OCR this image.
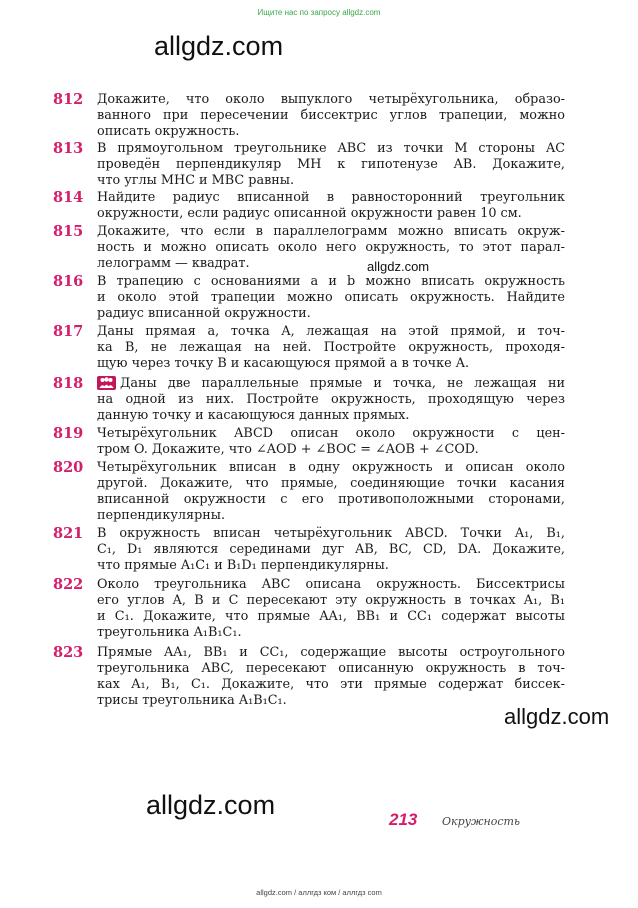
Ищите нас по запросу allgdz.com
allgdz.com
allgdz.com
allgdz.com
allgdz.com
812 Докажите, что около выпуклого четырёхугольника, образо-
ванного при пересечении биссектрис углов трапеции, можно
описать окружность.
813 В прямоугольном треугольнике ABC из точки M стороны AC
проведён перпендикуляр MH к гипотенузе AB. Докажите,
что углы MHC и MBC равны.
814 Найдите радиус вписанной в равносторонний треугольник
окружности, если радиус описанной окружности равен 10 см.
815 Докажите, что если в параллелограмм можно вписать окруж-
ность и можно описать около него окружность, то этот парал-
лелограмм — квадрат.
816 В трапецию с основаниями a и b можно вписать окружность
и около этой трапеции можно описать окружность. Найдите
радиус вписанной окружности.
817 Даны прямая a, точка A, лежащая на этой прямой, и точ-
ка B, не лежащая на ней. Постройте окружность, проходя-
щую через точку B и касающуюся прямой a в точке A.
818	Даны две параллельные прямые и точка, не лежащая ни
на одной из них. Постройте окружность, проходящую через
данную точку и касающуюся данных прямых.
819 Четырёхугольник ABCD описан около окружности с цен-
тром O. Докажите, что ∠AOD + ∠BOC = ∠AOB + ∠COD.
820 Четырёхугольник вписан в одну окружность и описан около
другой. Докажите, что прямые, соединяющие точки касания
вписанной окружности с его противоположными сторонами,
перпендикулярны.
821 В окружность вписан четырёхугольник ABCD. Точки A₁, B₁,
C₁, D₁ являются серединами дуг AB, BC, CD, DA. Докажите,
что прямые A₁C₁ и B₁D₁ перпендикулярны.
822 Около треугольника ABC описана окружность. Биссектрисы
его углов A, B и C пересекают эту окружность в точках A₁, B₁
и C₁. Докажите, что прямые AA₁, BB₁ и CC₁ содержат высоты
треугольника A₁B₁C₁.
823 Прямые AA₁, BB₁ и CC₁, содержащие высоты остроугольного
треугольника ABC, пересекают описанную окружность в точ-
ках A₁, B₁, C₁. Докажите, что эти прямые содержат биссек-
трисы треугольника A₁B₁C₁.
213 Окружность
allgdz.com / аллгдз ком / аллгдз com
